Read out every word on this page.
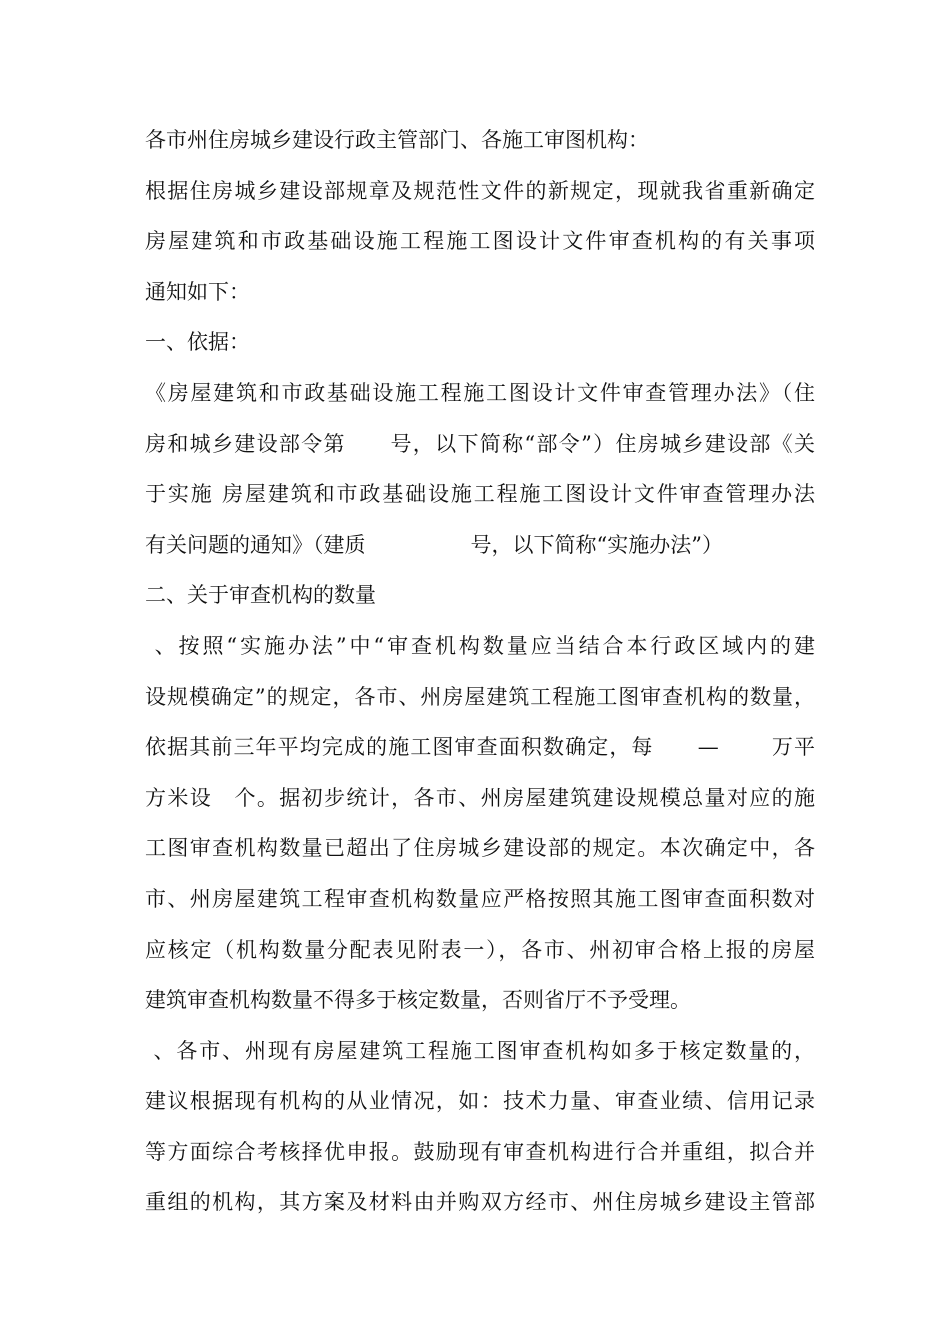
各市州住房城乡建设行政主管部门、各施工审图机构：
根据住房城乡建设部规章及规范性文件的新规定，现就我省重新确定
房屋建筑和市政基础设施工程施工图设计文件审查机构的有关事项
通知如下：
一、依据：
《房屋建筑和市政基础设施工程施工图设计文件审查管理办法》（住
房和城乡建设部令第　　号，以下简称“部令”）住房城乡建设部《关
于实施 房屋建筑和市政基础设施工程施工图设计文件审查管理办法
有关问题的通知》（建质　　　　　号，以下简称“实施办法”）
二、关于审查机构的数量
、按照“实施办法”中“审查机构数量应当结合本行政区域内的建
设规模确定”的规定，各市、州房屋建筑工程施工图审查机构的数量，
依据其前三年平均完成的施工图审查面积数确定，每　　—　　 万平
方米设　个。据初步统计，各市、州房屋建筑建设规模总量对应的施
工图审查机构数量已超出了住房城乡建设部的规定。本次确定中，各
市、州房屋建筑工程审查机构数量应严格按照其施工图审查面积数对
应核定（机构数量分配表见附表一），各市、州初审合格上报的房屋
建筑审查机构数量不得多于核定数量，否则省厅不予受理。
、各市、州现有房屋建筑工程施工图审查机构如多于核定数量的，
建议根据现有机构的从业情况，如：技术力量、审查业绩、信用记录
等方面综合考核择优申报。鼓励现有审查机构进行合并重组，拟合并
重组的机构，其方案及材料由并购双方经市、州住房城乡建设主管部
